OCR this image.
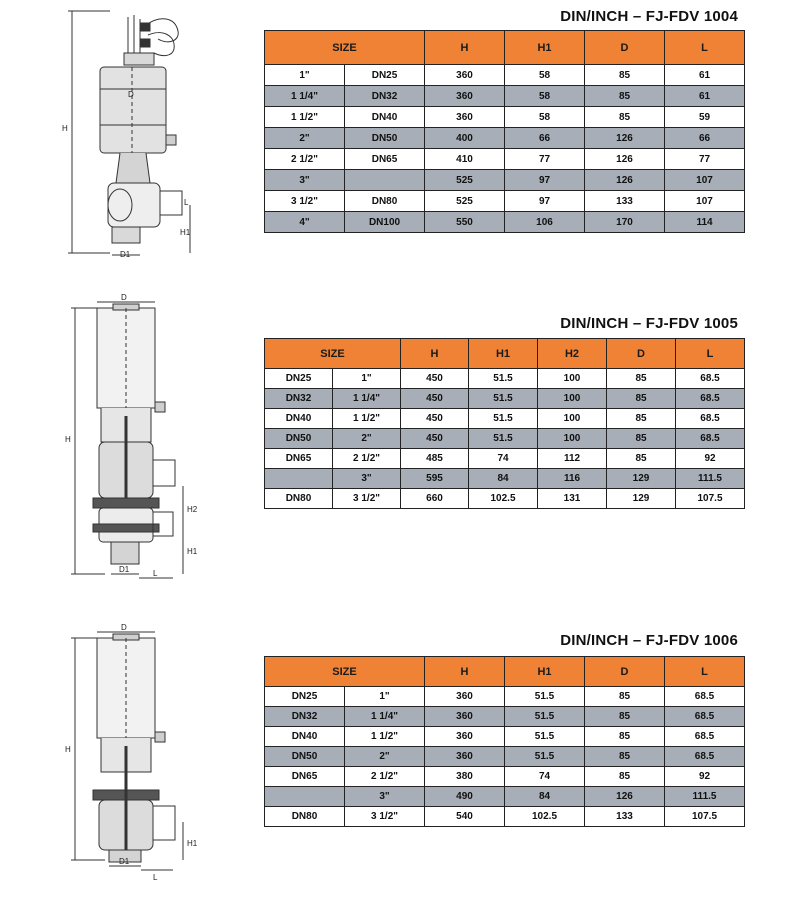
H
H1
D1
D
L
DIN/INCH – FJ-FDV 1004
SIZE		H	H1	D	L
1"	DN25	360	58	85	61
1 1/4"	DN32	360	58	85	61
1 1/2"	DN40	360	58	85	59
2"	DN50	400	66	126	66
2 1/2"	DN65	410	77	126	77
3"		525	97	126	107
3 1/2"	DN80	525	97	133	107
4"	DN100	550	106	170	114
H
H1
H2
D1
D
L
DIN/INCH – FJ-FDV 1005
SIZE		H	H1	H2	D	L
DN25	1"	450	51.5	100	85	68.5
DN32	1 1/4"	450	51.5	100	85	68.5
DN40	1 1/2"	450	51.5	100	85	68.5
DN50	2"	450	51.5	100	85	68.5
DN65	2 1/2"	485	74	112	85	92
	3"	595	84	116	129	111.5
DN80	3 1/2"	660	102.5	131	129	107.5
H
H1
D1
D
L
DIN/INCH – FJ-FDV 1006
SIZE		H	H1	D	L
DN25	1"	360	51.5	85	68.5
DN32	1 1/4"	360	51.5	85	68.5
DN40	1 1/2"	360	51.5	85	68.5
DN50	2"	360	51.5	85	68.5
DN65	2 1/2"	380	74	85	92
	3"	490	84	126	111.5
DN80	3 1/2"	540	102.5	133	107.5
